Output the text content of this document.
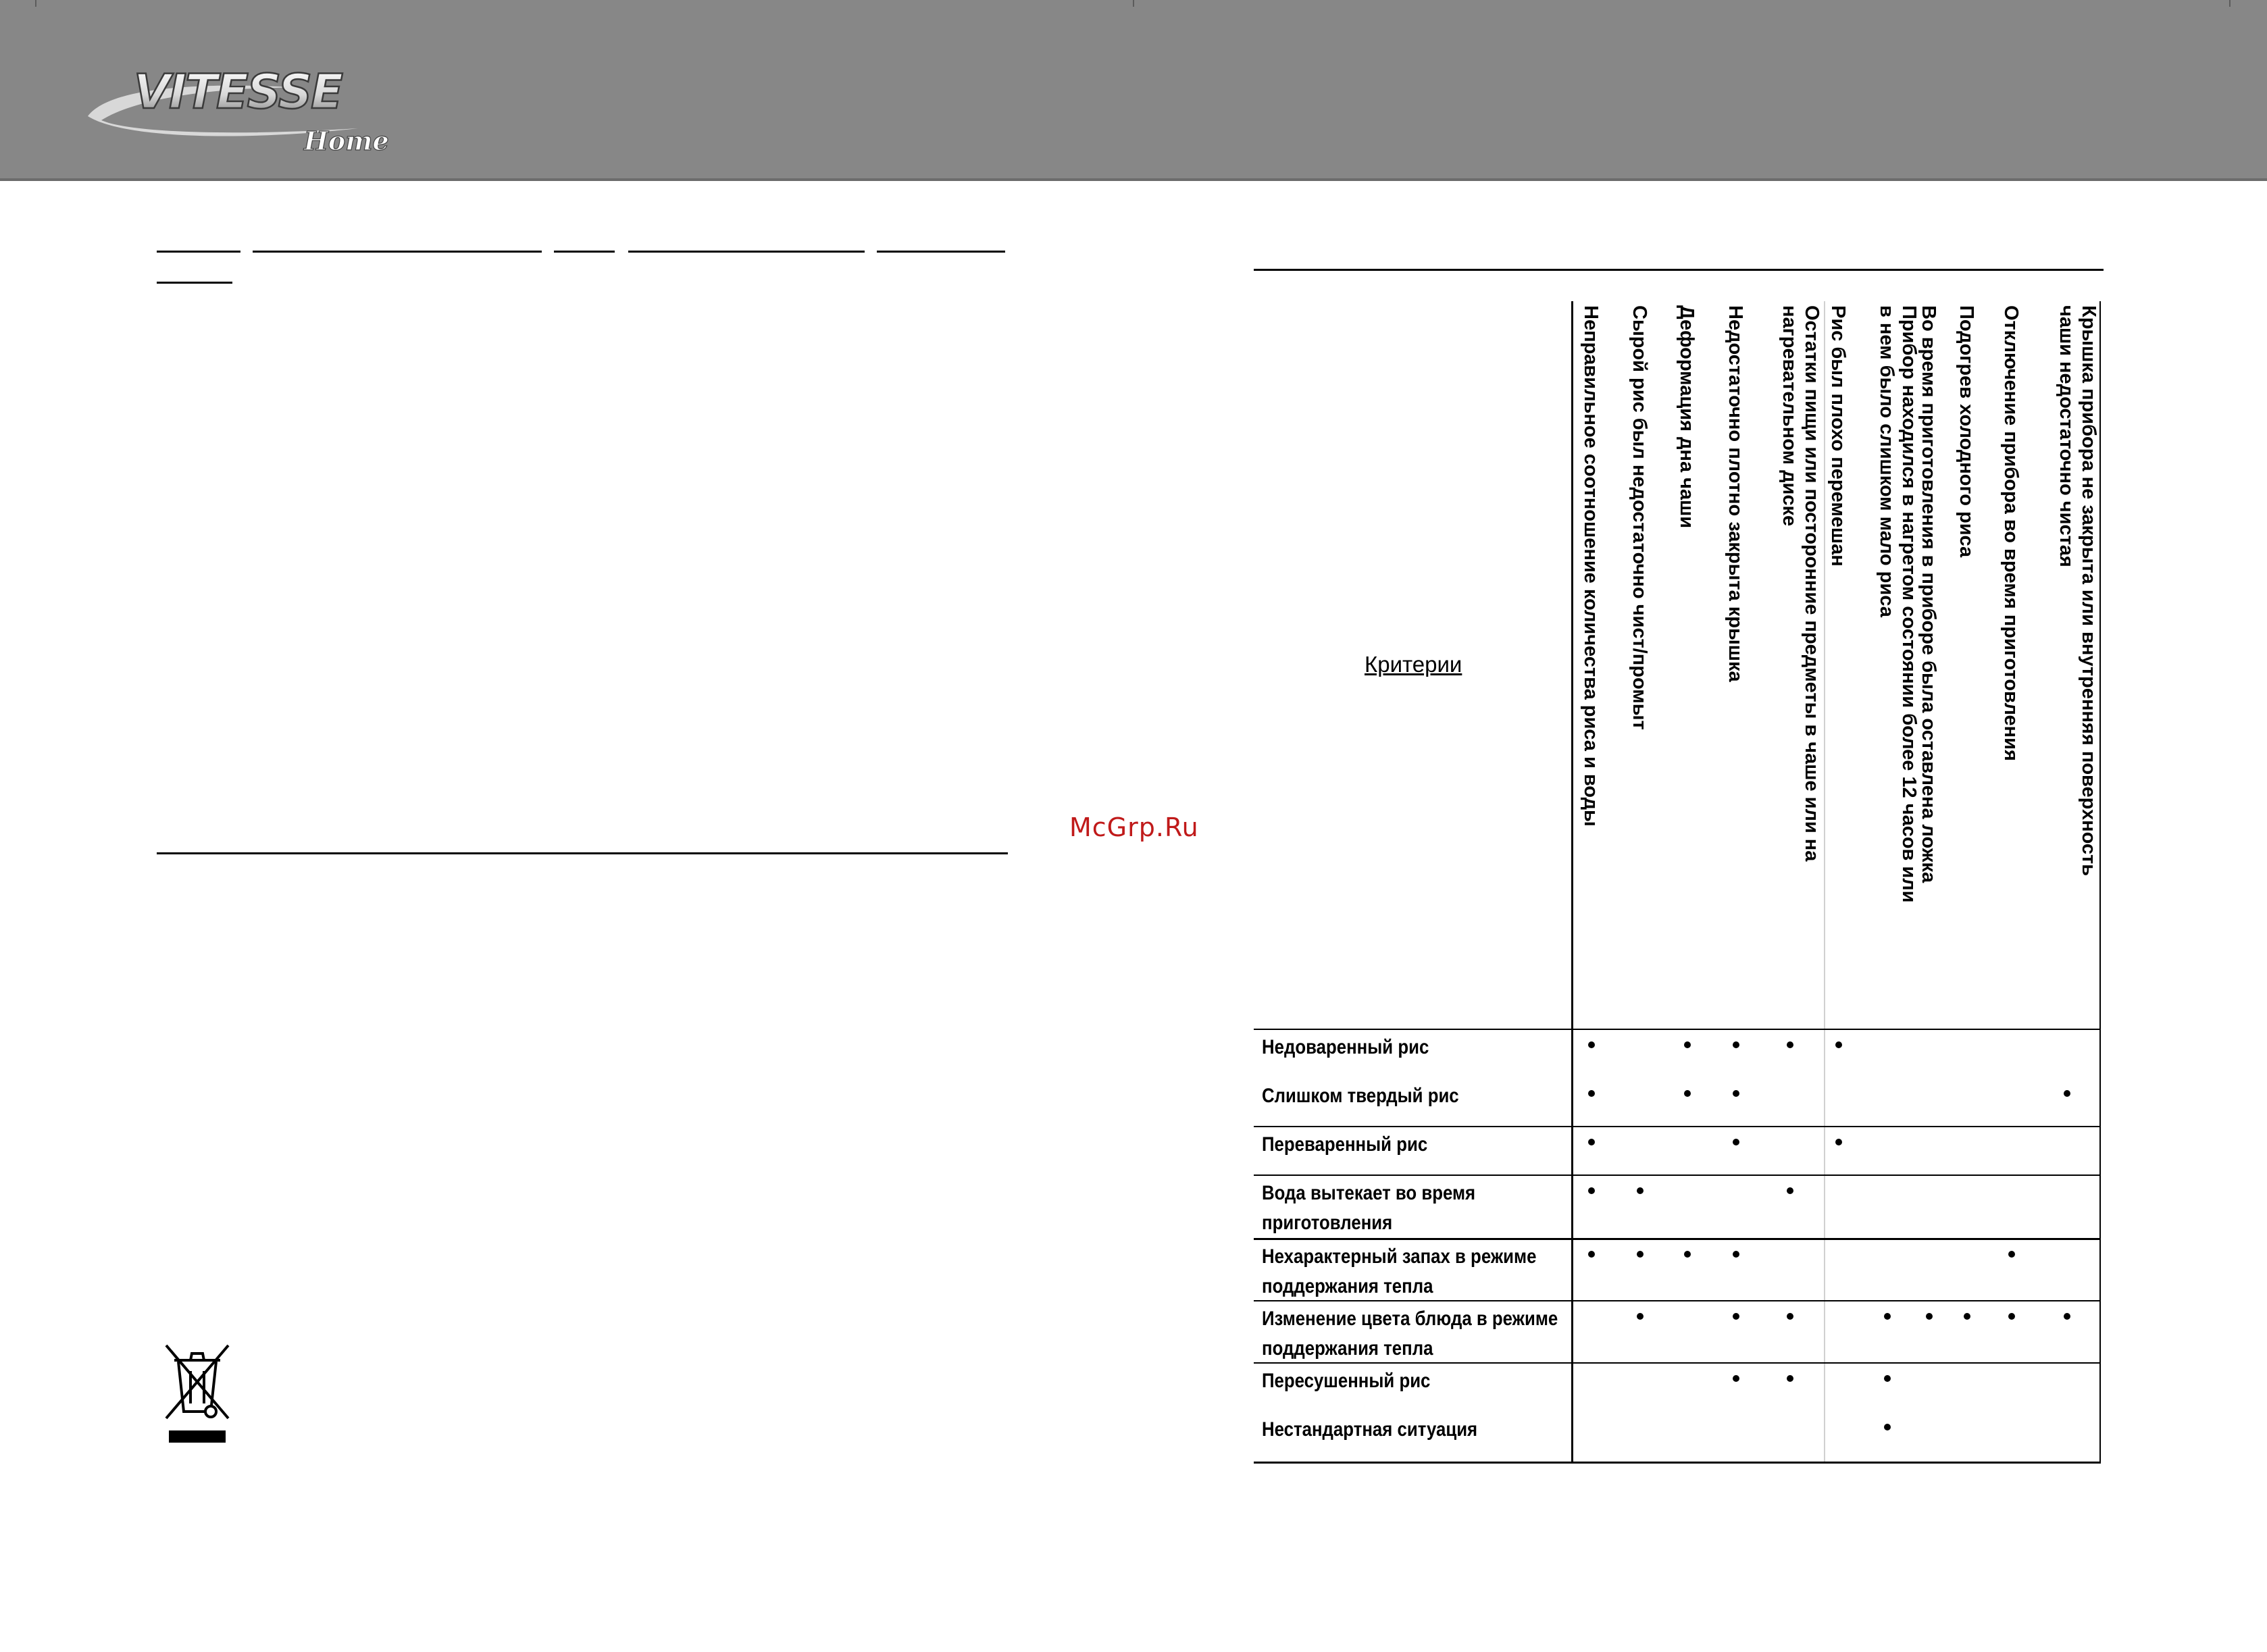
VITESSE
Home
McGrp.Ru
Критерии
Крышка прибора не закрыта или внутренняя поверхность
чаши недостаточно чистая
Отключение прибора во время приготовления
Подогрев холодного риса
Во время приготовления в приборе была оставлена ложка
Прибор находился в нагретом состоянии более 12 часов или
в нем было слишком мало риса
Рис был плохо перемешан
Остатки пищи или посторонние предметы в чаше или на
нагревательном диске
Недостаточно плотно закрыта крышка
Деформация дна чаши
Сырой рис был недостаточно чист/промыт
Неправильное соотношение количества риса и воды
Недоваренный рис
Слишком твердый рис
Переваренный рис
Вода вытекает во время
приготовления
Нехарактерный запах в режиме
поддержания тепла
Изменение цвета блюда в режиме
поддержания тепла
Пересушенный рис
Нестандартная ситуация
